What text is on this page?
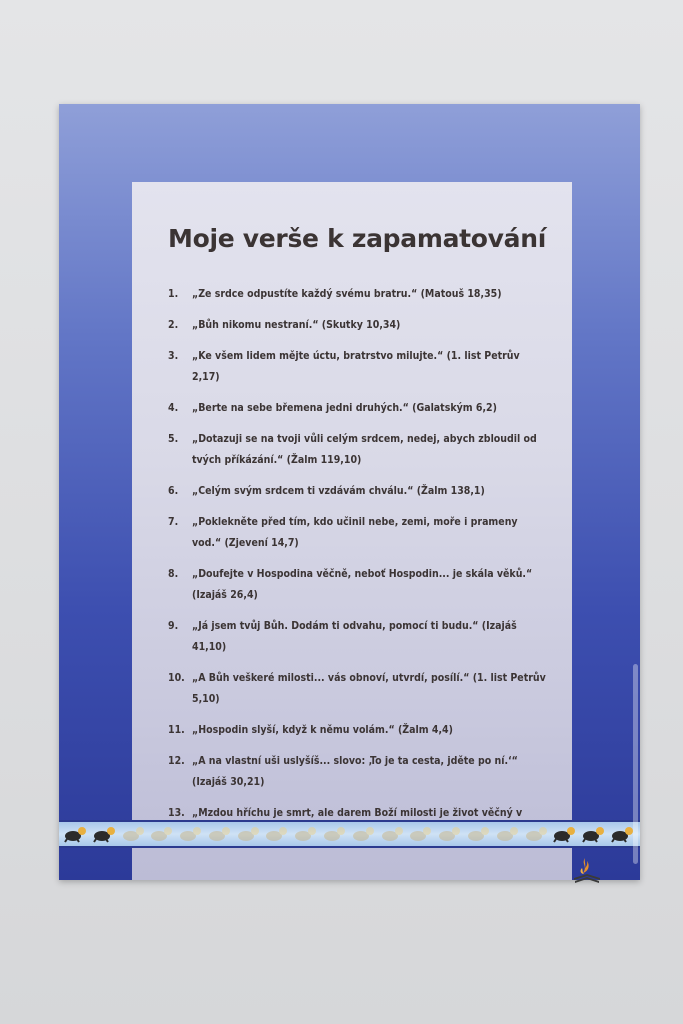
Moje verše k zapamatování
1.	„Ze srdce odpustíte každý svému bratru.“ (Matouš 18,35)
2.	„Bůh nikomu nestraní.“ (Skutky 10,34)
3.	„Ke všem lidem mějte úctu, bratrstvo milujte.“ (1. list Petrův 2,17)
4.	„Berte na sebe břemena jedni druhých.“ (Galatským 6,2)
5.	„Dotazuji se na tvoji vůli celým srdcem, nedej, abych zbloudil od tvých příkázání.“ (Žalm 119,10)
6.	„Celým svým srdcem ti vzdávám chválu.“ (Žalm 138,1)
7.	„Poklekněte před tím, kdo učinil nebe, zemi, moře i prameny vod.“ (Zjevení 14,7)
8.	„Doufejte v Hospodina věčně, neboť Hospodin... je skála věků.“ (Izajáš 26,4)
9.	„Já jsem tvůj Bůh. Dodám ti odvahu, pomocí ti budu.“ (Izajáš 41,10)
10. „A Bůh veškeré milosti... vás obnoví, utvrdí, posílí.“ (1. list Petrův 5,10)
11. „Hospodin slyší, když k němu volám.“ (Žalm 4,4)
12. „A na vlastní uši uslyšíš... slovo: ‚To je ta cesta, jděte po ní.‘“ (Izajáš 30,21)
13. „Mzdou hříchu je smrt, ale darem Boží milosti je život věčný v
